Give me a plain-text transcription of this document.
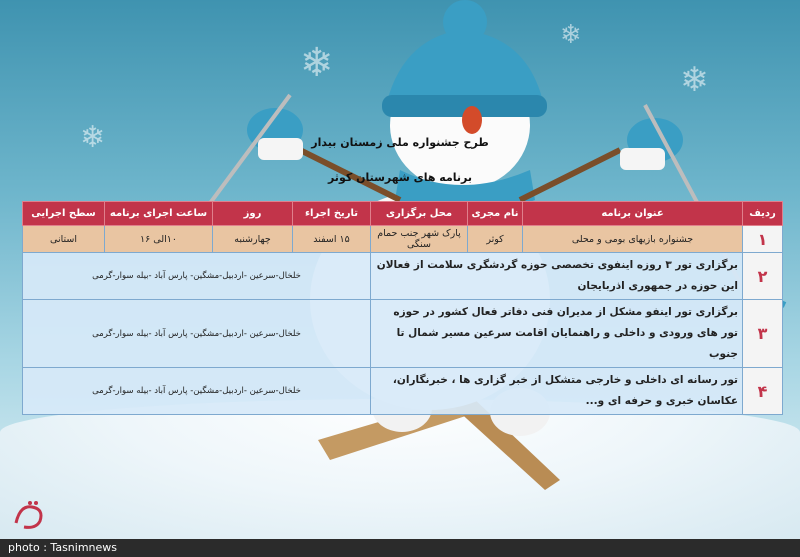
❄
❄
❄
❄
طرح جشنواره ملی زمستان بیدار
برنامه های شهرستان کوثر
ردیف	عنوان برنامه	نام مجری	محل برگزاری	تاریخ اجراء	روز	ساعت اجرای برنامه	سطح اجرایی
۱	جشنواره بازیهای بومی و محلی	کوثر	پارک شهر جنب حمام سنگی	۱۵ اسفند	چهارشنبه	۱۰الی ۱۶	استانی
۲	برگزاری تور ۳ روزه اینفوی تخصصی حوزه گردشگری سلامت از فعالان این حوزه در جمهوری اذربایجان			خلخال-سرعین -اردبیل-مشگین- پارس آباد -بیله سوار-گرمی			
۳	برگزاری تور اینفو مشکل از مدیران فنی دفاتر فعال کشور در حوزه تور های ورودی و داخلی و راهنمایان اقامت سرعین مسیر شمال تا جنوب			خلخال-سرعین -اردبیل-مشگین- پارس آباد -بیله سوار-گرمی			
۴	تور رسانه ای داخلی و خارجی متشکل از خبر گزاری ها ، خبرنگاران، عکاسان خبری و حرفه ای و...			خلخال-سرعین -اردبیل-مشگین- پارس آباد -بیله سوار-گرمی			
photo : Tasnimnews
